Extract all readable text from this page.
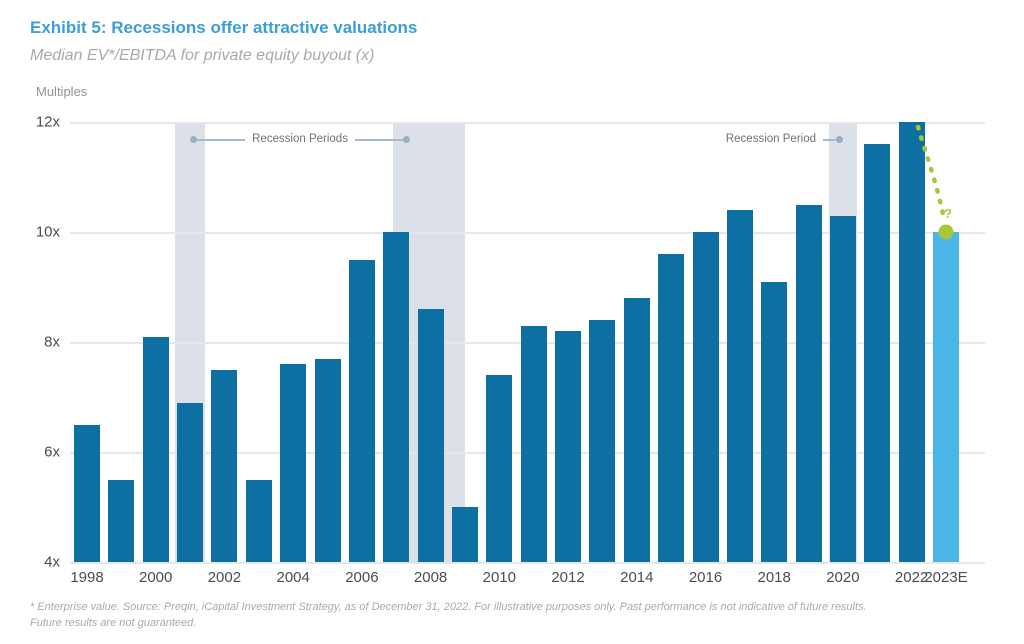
Exhibit 5: Recessions offer attractive valuations
Median EV*/EBITDA for private equity buyout (x)
Multiples
Recession Periods	Recession Period
?
4x
6x
8x
10x
12x
1998 2000 2002 2004 2006 2008 2010 2012 2014 2016 2018 2020 2022
2023E
* Enterprise value. Source: Preqin, iCapital Investment Strategy, as of December 31, 2022. For illustrative purposes only. Past performance is not indicative of future results.
Future results are not guaranteed.
